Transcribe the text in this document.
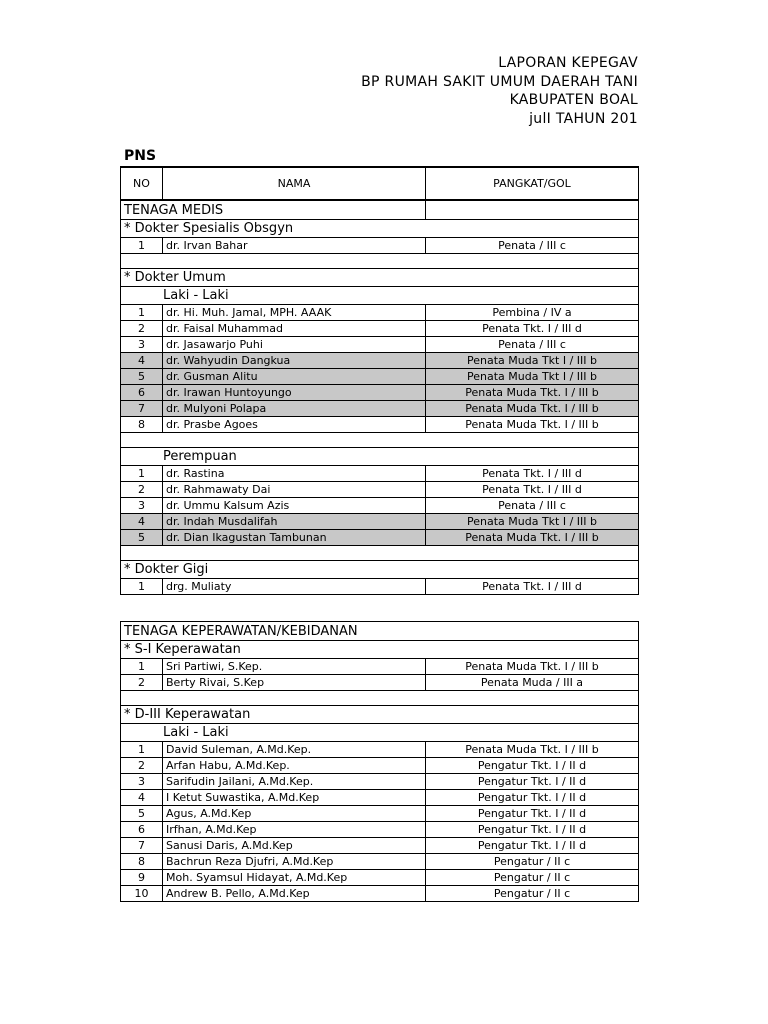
LAPORAN KEPEGAV
BP RUMAH SAKIT UMUM DAERAH TANI
KABUPATEN BOAL
julI TAHUN 201
PNS
NO	NAMA	PANGKAT/GOL
TENAGA MEDIS		
* Dokter Spesialis Obsgyn		
1	dr. Irvan Bahar	Penata / III c

* Dokter Umum		
Laki - Laki		
1	dr. Hi. Muh. Jamal, MPH. AAAK	Pembina / IV a
2	dr. Faisal Muhammad	Penata Tkt. I / III d
3	dr. Jasawarjo Puhi	Penata / III c
4	dr. Wahyudin Dangkua	Penata Muda Tkt I / III b
5	dr. Gusman Alitu	Penata Muda Tkt I / III b
6	dr. Irawan Huntoyungo	Penata Muda Tkt. I / III b
7	dr. Mulyoni Polapa	Penata Muda Tkt. I / III b
8	dr. Prasbe Agoes	Penata Muda Tkt. I / III b

Perempuan		
1	dr. Rastina	Penata Tkt. I / III d
2	dr. Rahmawaty Dai	Penata Tkt. I / III d
3	dr. Ummu Kalsum Azis	Penata / III c
4	dr. Indah Musdalifah	Penata Muda Tkt I / III b
5	dr. Dian Ikagustan Tambunan	Penata Muda Tkt. I / III b

* Dokter Gigi		
1	drg. Muliaty	Penata Tkt. I / III d
TENAGA KEPERAWATAN/KEBIDANAN		
* S-I Keperawatan		
1	Sri Partiwi, S.Kep.	Penata Muda Tkt. I / III b
2	Berty Rivai, S.Kep	Penata Muda / III a

* D-III Keperawatan		
Laki - Laki		
1	David Suleman, A.Md.Kep.	Penata Muda Tkt. I / III b
2	Arfan Habu, A.Md.Kep.	Pengatur Tkt. I / II d
3	Sarifudin Jailani, A.Md.Kep.	Pengatur Tkt. I / II d
4	I Ketut Suwastika, A.Md.Kep	Pengatur Tkt. I / II d
5	Agus, A.Md.Kep	Pengatur Tkt. I / II d
6	Irfhan, A.Md.Kep	Pengatur Tkt. I / II d
7	Sanusi Daris, A.Md.Kep	Pengatur Tkt. I / II d
8	Bachrun Reza Djufri, A.Md.Kep	Pengatur / II c
9	Moh. Syamsul Hidayat, A.Md.Kep	Pengatur / II c
10	Andrew B. Pello, A.Md.Kep	Pengatur / II c
